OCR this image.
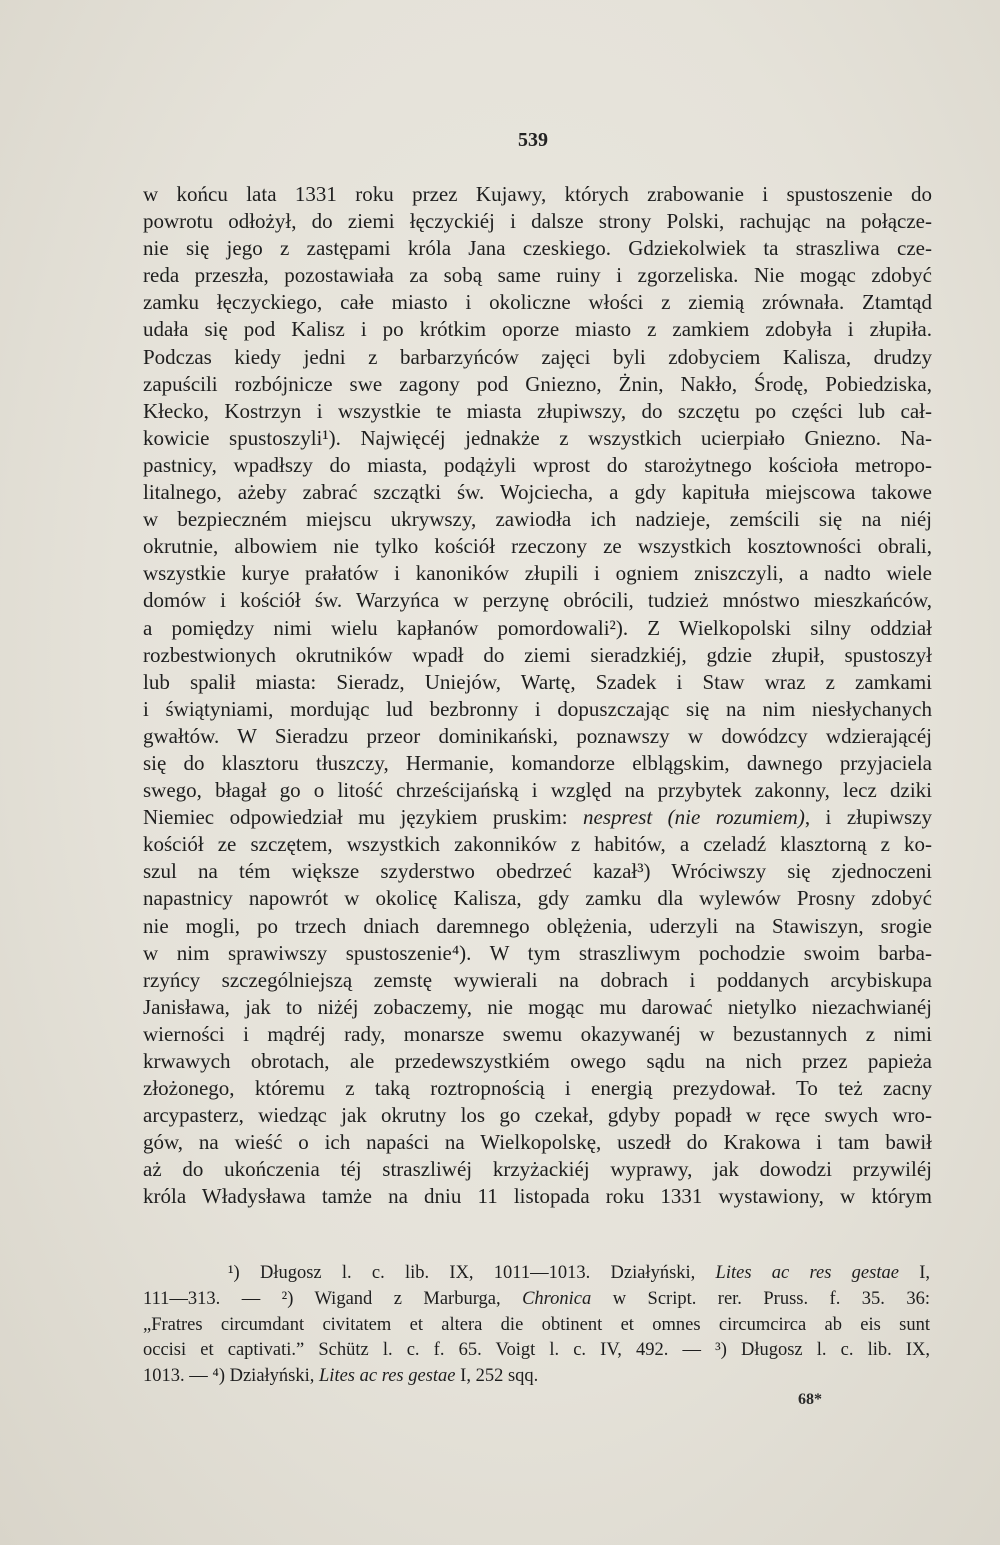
539
w końcu lata 1331 roku przez Kujawy, których zrabowanie i spustoszenie do
powrotu odłożył, do ziemi łęczyckiéj i dalsze strony Polski, rachując na połącze-
nie się jego z zastępami króla Jana czeskiego. Gdziekolwiek ta straszliwa cze-
reda przeszła, pozostawiała za sobą same ruiny i zgorzeliska. Nie mogąc zdobyć
zamku łęczyckiego, całe miasto i okoliczne włości z ziemią zrównała. Ztamtąd
udała się pod Kalisz i po krótkim oporze miasto z zamkiem zdobyła i złupiła.
Podczas kiedy jedni z barbarzyńców zajęci byli zdobyciem Kalisza, drudzy
zapuścili rozbójnicze swe zagony pod Gniezno, Żnin, Nakło, Środę, Pobiedziska,
Kłecko, Kostrzyn i wszystkie te miasta złupiwszy, do szczętu po części lub cał-
kowicie spustoszyli¹). Najwięcéj jednakże z wszystkich ucierpiało Gniezno. Na-
pastnicy, wpadłszy do miasta, podążyli wprost do starożytnego kościoła metropo-
litalnego, ażeby zabrać szczątki św. Wojciecha, a gdy kapituła miejscowa takowe
w bezpieczném miejscu ukrywszy, zawiodła ich nadzieje, zemścili się na niéj
okrutnie, albowiem nie tylko kościół rzeczony ze wszystkich kosztowności obrali,
wszystkie kurye prałatów i kanoników złupili i ogniem zniszczyli, a nadto wiele
domów i kościół św. Warzyńca w perzynę obrócili, tudzież mnóstwo mieszkańców,
a pomiędzy nimi wielu kapłanów pomordowali²). Z Wielkopolski silny oddział
rozbestwionych okrutników wpadł do ziemi sieradzkiéj, gdzie złupił, spustoszył
lub spalił miasta: Sieradz, Uniejów, Wartę, Szadek i Staw wraz z zamkami
i świątyniami, mordując lud bezbronny i dopuszczając się na nim niesłychanych
gwałtów. W Sieradzu przeor dominikański, poznawszy w dowódzcy wdzierającéj
się do klasztoru tłuszczy, Hermanie, komandorze elblągskim, dawnego przyjaciela
swego, błagał go o litość chrześcijańską i względ na przybytek zakonny, lecz dziki
Niemiec odpowiedział mu językiem pruskim: nesprest (nie rozumiem), i złupiwszy
kościół ze szczętem, wszystkich zakonników z habitów, a czeladź klasztorną z ko-
szul na tém większe szyderstwo obedrzeć kazał³) Wróciwszy się zjednoczeni
napastnicy napowrót w okolicę Kalisza, gdy zamku dla wylewów Prosny zdobyć
nie mogli, po trzech dniach daremnego oblężenia, uderzyli na Stawiszyn, srogie
w nim sprawiwszy spustoszenie⁴). W tym straszliwym pochodzie swoim barba-
rzyńcy szczególniejszą zemstę wywierali na dobrach i poddanych arcybiskupa
Janisława, jak to niżéj zobaczemy, nie mogąc mu darować nietylko niezachwianéj
wierności i mądréj rady, monarsze swemu okazywanéj w bezustannych z nimi
krwawych obrotach, ale przedewszystkiém owego sądu na nich przez papieża
złożonego, któremu z taką roztropnością i energią prezydował. To też zacny
arcypasterz, wiedząc jak okrutny los go czekał, gdyby popadł w ręce swych wro-
gów, na wieść o ich napaści na Wielkopolskę, uszedł do Krakowa i tam bawił
aż do ukończenia téj straszliwéj krzyżackiéj wyprawy, jak dowodzi przywiléj
króla Władysława tamże na dniu 11 listopada roku 1331 wystawiony, w którym
¹) Długosz l. c. lib. IX, 1011—1013. Działyński, Lites ac res gestae I,
111—313. — ²) Wigand z Marburga, Chronica w Script. rer. Pruss. f. 35. 36:
„Fratres circumdant civitatem et altera die obtinent et omnes circumcirca ab eis sunt
occisi et captivati.” Schütz l. c. f. 65. Voigt l. c. IV, 492. — ³) Długosz l. c. lib. IX,
1013. — ⁴) Działyński, Lites ac res gestae I, 252 sqq.
68*
